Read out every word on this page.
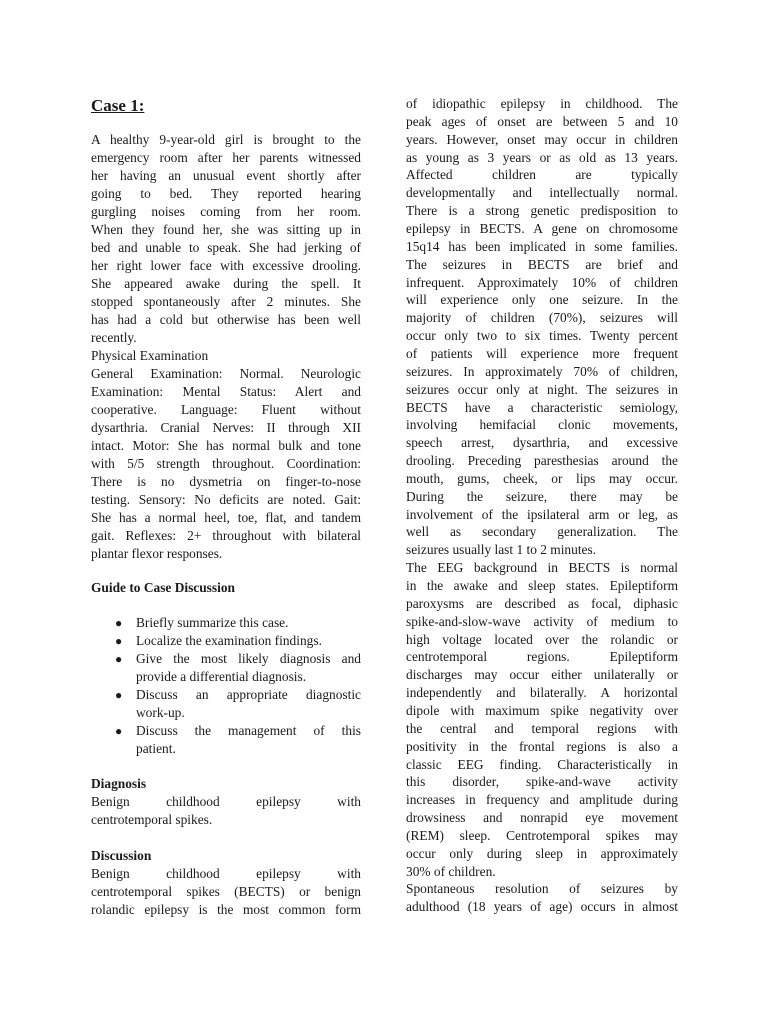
Case 1:
A healthy 9-year-old girl is brought to the
emergency room after her parents witnessed
her having an unusual event shortly after
going to bed. They reported hearing
gurgling noises coming from her room.
When they found her, she was sitting up in
bed and unable to speak. She had jerking of
her right lower face with excessive drooling.
She appeared awake during the spell. It
stopped spontaneously after 2 minutes. She
has had a cold but otherwise has been well
recently.
Physical Examination
General Examination: Normal. Neurologic
Examination: Mental Status: Alert and
cooperative. Language: Fluent without
dysarthria. Cranial Nerves: II through XII
intact. Motor: She has normal bulk and tone
with 5/5 strength throughout. Coordination:
There is no dysmetria on finger-to-nose
testing. Sensory: No deficits are noted. Gait:
She has a normal heel, toe, flat, and tandem
gait. Reflexes: 2+ throughout with bilateral
plantar flexor responses.
Guide to Case Discussion
● Briefly summarize this case.
● Localize the examination findings.
● Give the most likely diagnosis and
provide a differential diagnosis.
● Discuss an appropriate diagnostic
work-up.
● Discuss the management of this
patient.
Diagnosis
Benign childhood epilepsy with
centrotemporal spikes.
Discussion
Benign childhood epilepsy with
centrotemporal spikes (BECTS) or benign
rolandic epilepsy is the most common form
of idiopathic epilepsy in childhood. The
peak ages of onset are between 5 and 10
years. However, onset may occur in children
as young as 3 years or as old as 13 years.
Affected children are typically
developmentally and intellectually normal.
There is a strong genetic predisposition to
epilepsy in BECTS. A gene on chromosome
15q14 has been implicated in some families.
The seizures in BECTS are brief and
infrequent. Approximately 10% of children
will experience only one seizure. In the
majority of children (70%), seizures will
occur only two to six times. Twenty percent
of patients will experience more frequent
seizures. In approximately 70% of children,
seizures occur only at night. The seizures in
BECTS have a characteristic semiology,
involving hemifacial clonic movements,
speech arrest, dysarthria, and excessive
drooling. Preceding paresthesias around the
mouth, gums, cheek, or lips may occur.
During the seizure, there may be
involvement of the ipsilateral arm or leg, as
well as secondary generalization. The
seizures usually last 1 to 2 minutes.
The EEG background in BECTS is normal
in the awake and sleep states. Epileptiform
paroxysms are described as focal, diphasic
spike-and-slow-wave activity of medium to
high voltage located over the rolandic or
centrotemporal regions. Epileptiform
discharges may occur either unilaterally or
independently and bilaterally. A horizontal
dipole with maximum spike negativity over
the central and temporal regions with
positivity in the frontal regions is also a
classic EEG finding. Characteristically in
this disorder, spike-and-wave activity
increases in frequency and amplitude during
drowsiness and nonrapid eye movement
(REM) sleep. Centrotemporal spikes may
occur only during sleep in approximately
30% of children.
Spontaneous resolution of seizures by
adulthood (18 years of age) occurs in almost
